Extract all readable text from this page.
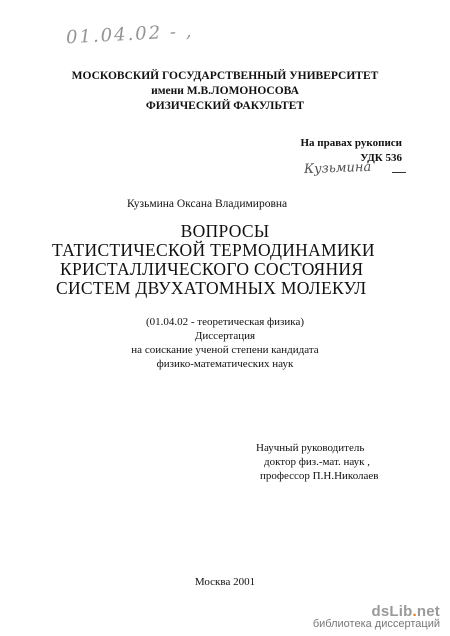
01.04.02 - ,
МОСКОВСКИЙ ГОСУДАРСТВЕННЫЙ УНИВЕРСИТЕТ
имени М.В.ЛОМОНОСОВА
ФИЗИЧЕСКИЙ ФАКУЛЬТЕТ
На правах рукописи
УДК 536
Кузьмина
Кузьмина Оксана Владимировна
ВОПРОСЫ
ТАТИСТИЧЕСКОЙ ТЕРМОДИНАМИКИ
КРИСТАЛЛИЧЕСКОГО СОСТОЯНИЯ
СИСТЕМ ДВУХАТОМНЫХ МОЛЕКУЛ
(01.04.02 - теоретическая физика)
Диссертация
на соискание ученой степени кандидата
физико-математических наук
Научный руководитель
доктор физ.-мат. наук ,
профессор П.Н.Николаев
Москва 2001
dsLib.net
библиотека диссертаций
